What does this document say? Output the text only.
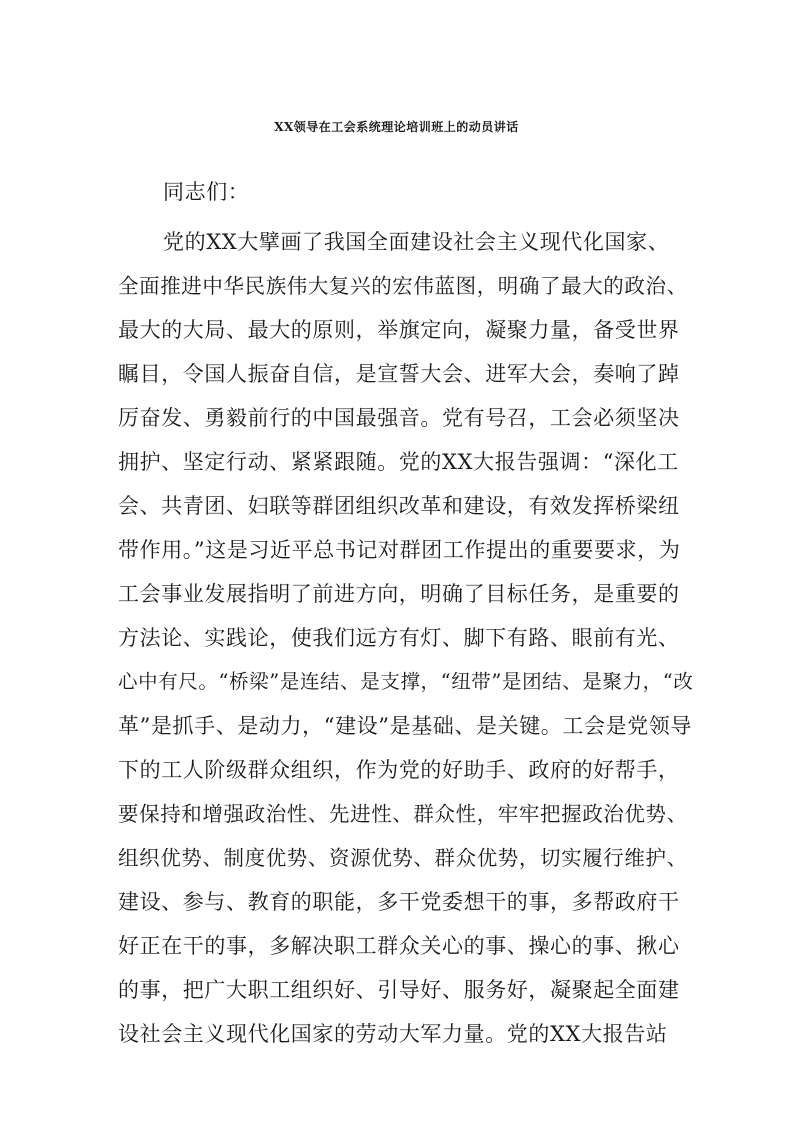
XX领导在工会系统理论培训班上的动员讲话
同志们：
党的XX大擘画了我国全面建设社会主义现代化国家、
全面推进中华民族伟大复兴的宏伟蓝图，明确了最大的政治、
最大的大局、最大的原则，举旗定向，凝聚力量，备受世界
瞩目，令国人振奋自信，是宣誓大会、进军大会，奏响了踔
厉奋发、勇毅前行的中国最强音。党有号召，工会必须坚决
拥护、坚定行动、紧紧跟随。党的XX大报告强调：“深化工
会、共青团、妇联等群团组织改革和建设，有效发挥桥梁纽
带作用。”这是习近平总书记对群团工作提出的重要要求，为
工会事业发展指明了前进方向，明确了目标任务，是重要的
方法论、实践论，使我们远方有灯、脚下有路、眼前有光、
心中有尺。“桥梁”是连结、是支撑，“纽带”是团结、是聚力，“改
革”是抓手、是动力，“建设”是基础、是关键。工会是党领导
下的工人阶级群众组织，作为党的好助手、政府的好帮手，
要保持和增强政治性、先进性、群众性，牢牢把握政治优势、
组织优势、制度优势、资源优势、群众优势，切实履行维护、
建设、参与、教育的职能，多干党委想干的事，多帮政府干
好正在干的事，多解决职工群众关心的事、操心的事、揪心
的事，把广大职工组织好、引导好、服务好，凝聚起全面建
设社会主义现代化国家的劳动大军力量。党的XX大报告站
